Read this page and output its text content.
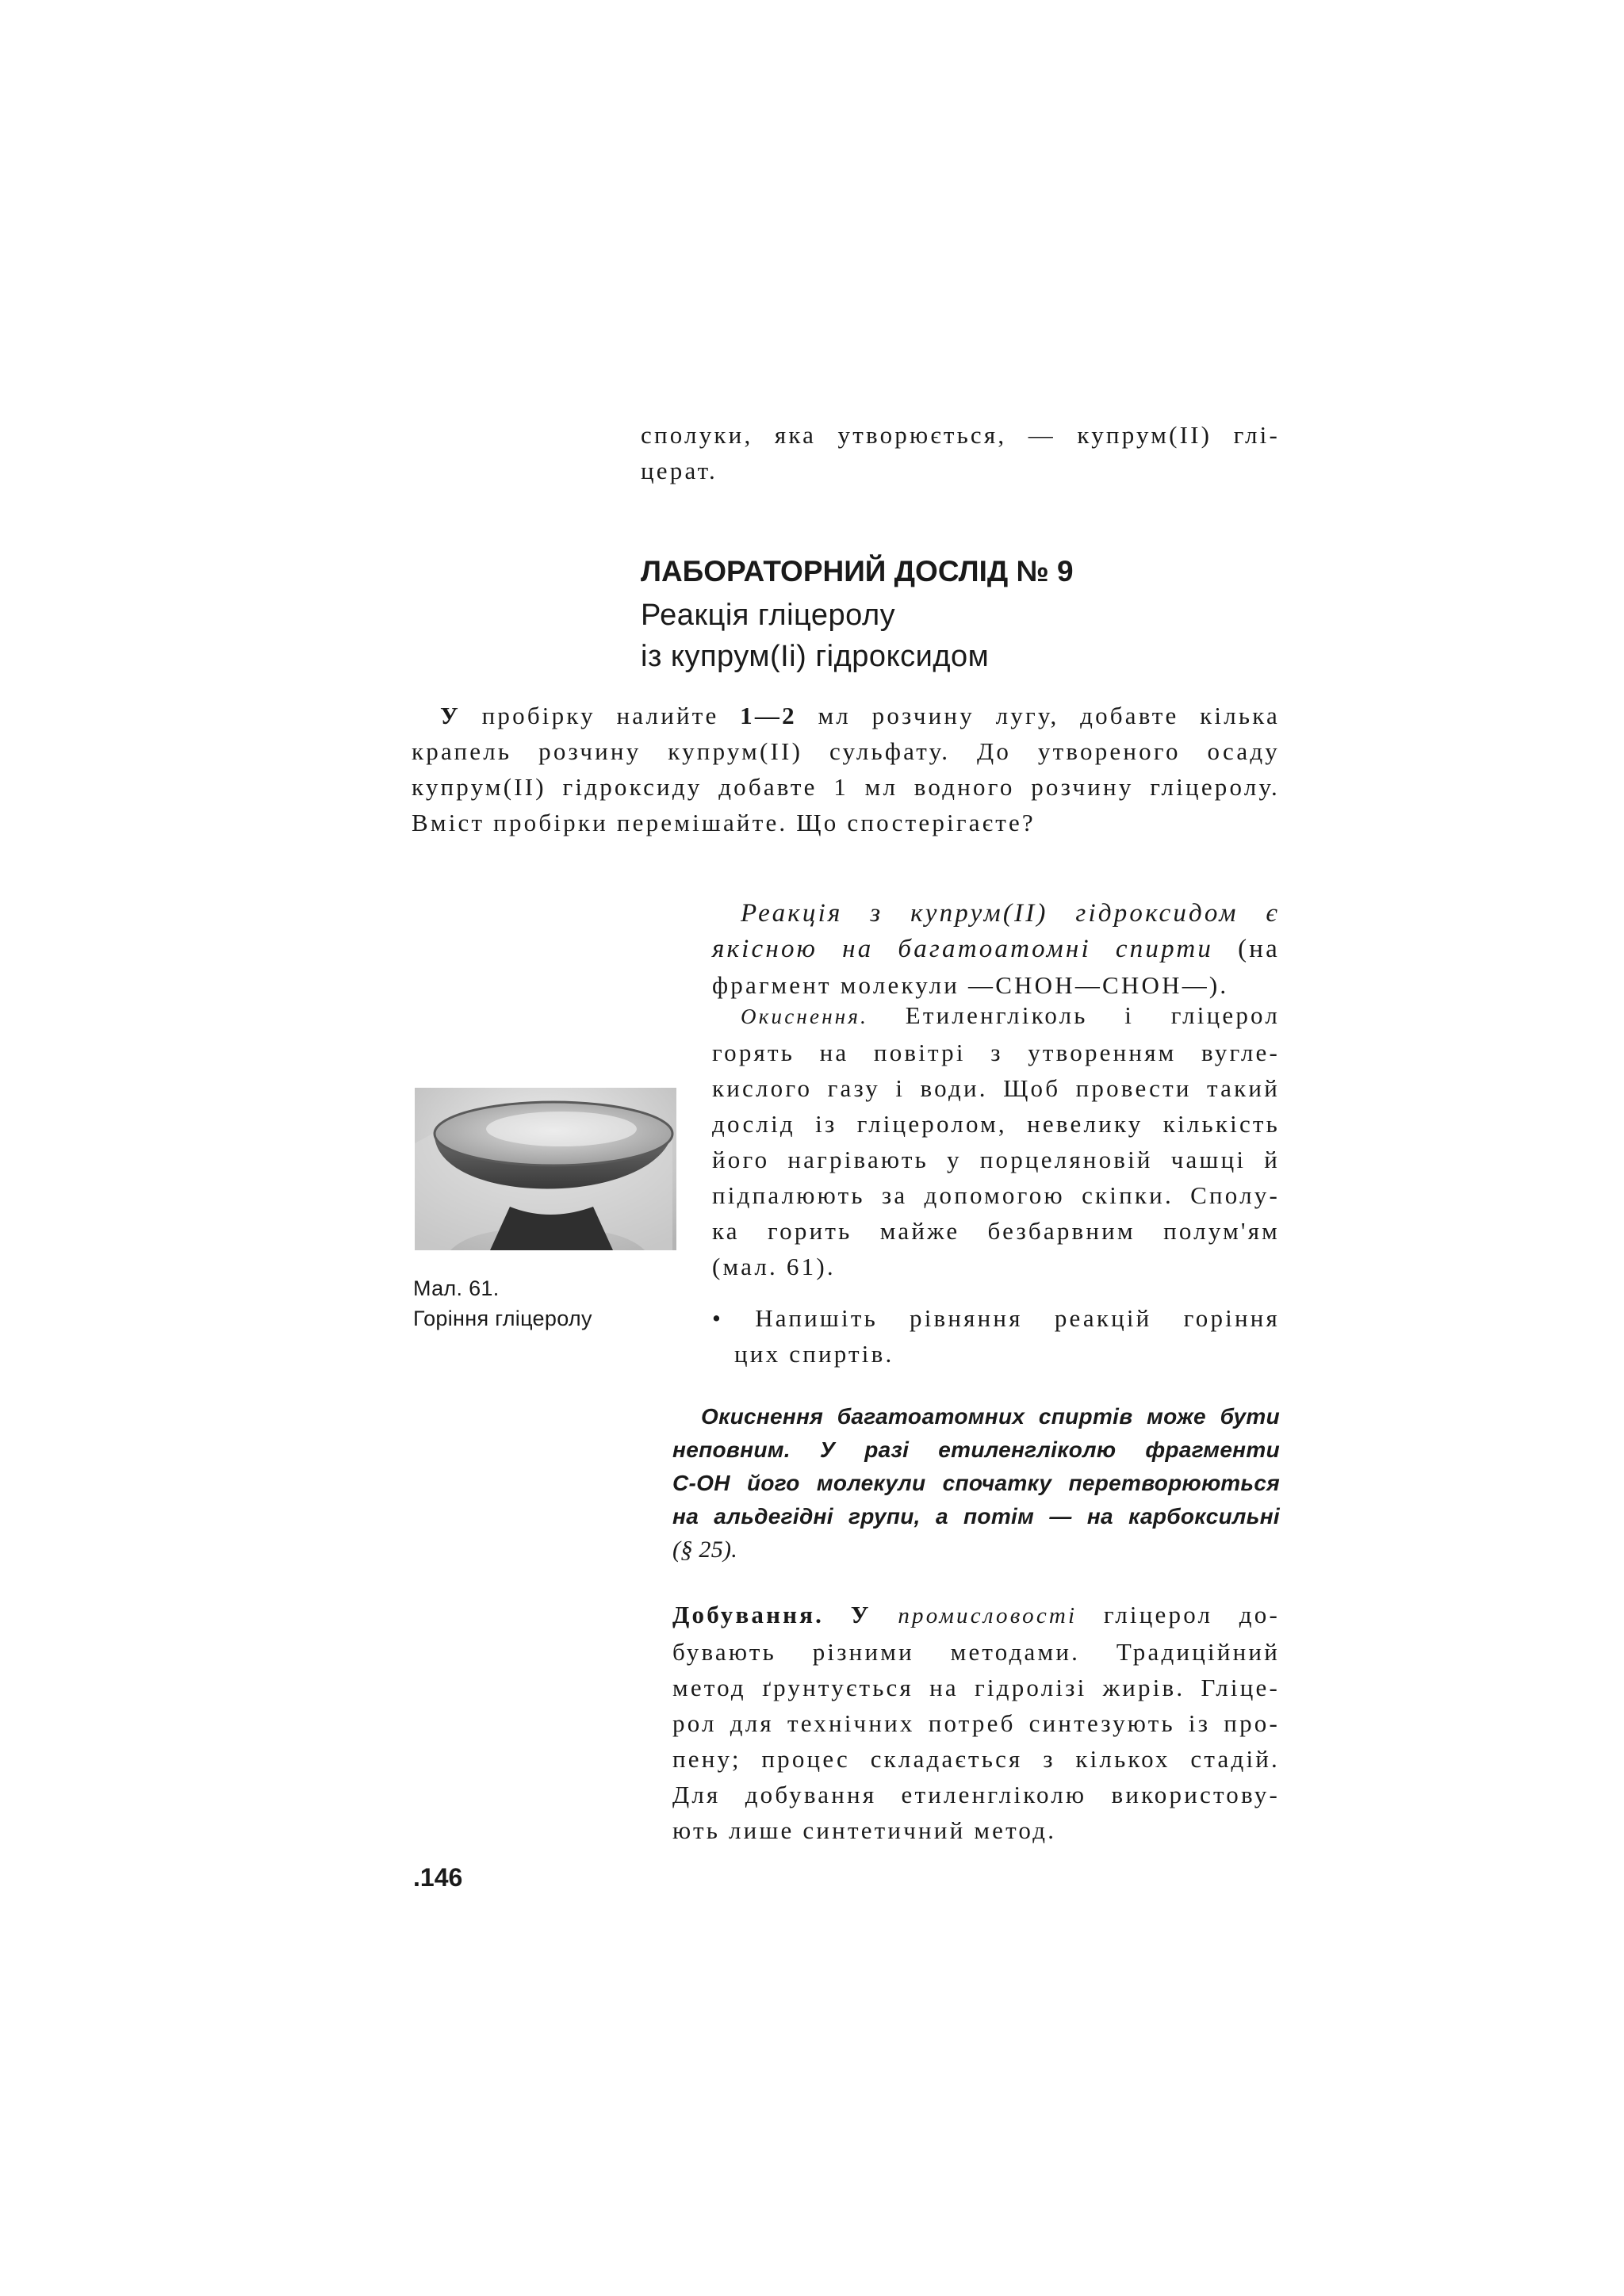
сполуки, яка утворюється, — купрум(II) глі-
церат.
ЛАБОРАТОРНИЙ ДОСЛІД № 9
Реакція гліцеролу
із купрум(Іі) гідроксидом
У пробірку налийте 1—2 мл розчину лугу, добавте кілька
крапель розчину купрум(II) сульфату. До утвореного осаду
купрум(II) гідроксиду добавте 1 мл водного розчину гліцеролу.
Вміст пробірки перемішайте. Що спостерігаєте?
Реакція з купрум(II) гідроксидом є
якісною на багатоатомні спирти (на
фрагмент молекули —CHOH—CHOH—).
Окиснення. Етиленгліколь і гліцерол
горять на повітрі з утворенням вугле-
кислого газу і води. Щоб провести такий
дослід із гліцеролом, невелику кількість
його нагрівають у порцеляновій чашці й
підпалюють за допомогою скіпки. Сполу-
ка горить майже безбарвним полум'ям
(мал. 61).
Мал. 61.
Горіння гліцеролу	• Напишіть рівняння реакцій горіння
цих спиртів.
Окиснення багатоатомних спиртів може бути
неповним. У разі етиленгліколю фрагменти
С-ОН його молекули спочатку перетворюються
на альдегідні групи, а потім — на карбоксильні
(§ 25).
Добування. У промисловості гліцерол до-
бувають різними методами. Традиційний
метод ґрунтується на гідролізі жирів. Гліце-
рол для технічних потреб синтезують із про-
пену; процес складається з кількох стадій.
Для добування етиленгліколю використову-
ють лише синтетичний метод.
.146
